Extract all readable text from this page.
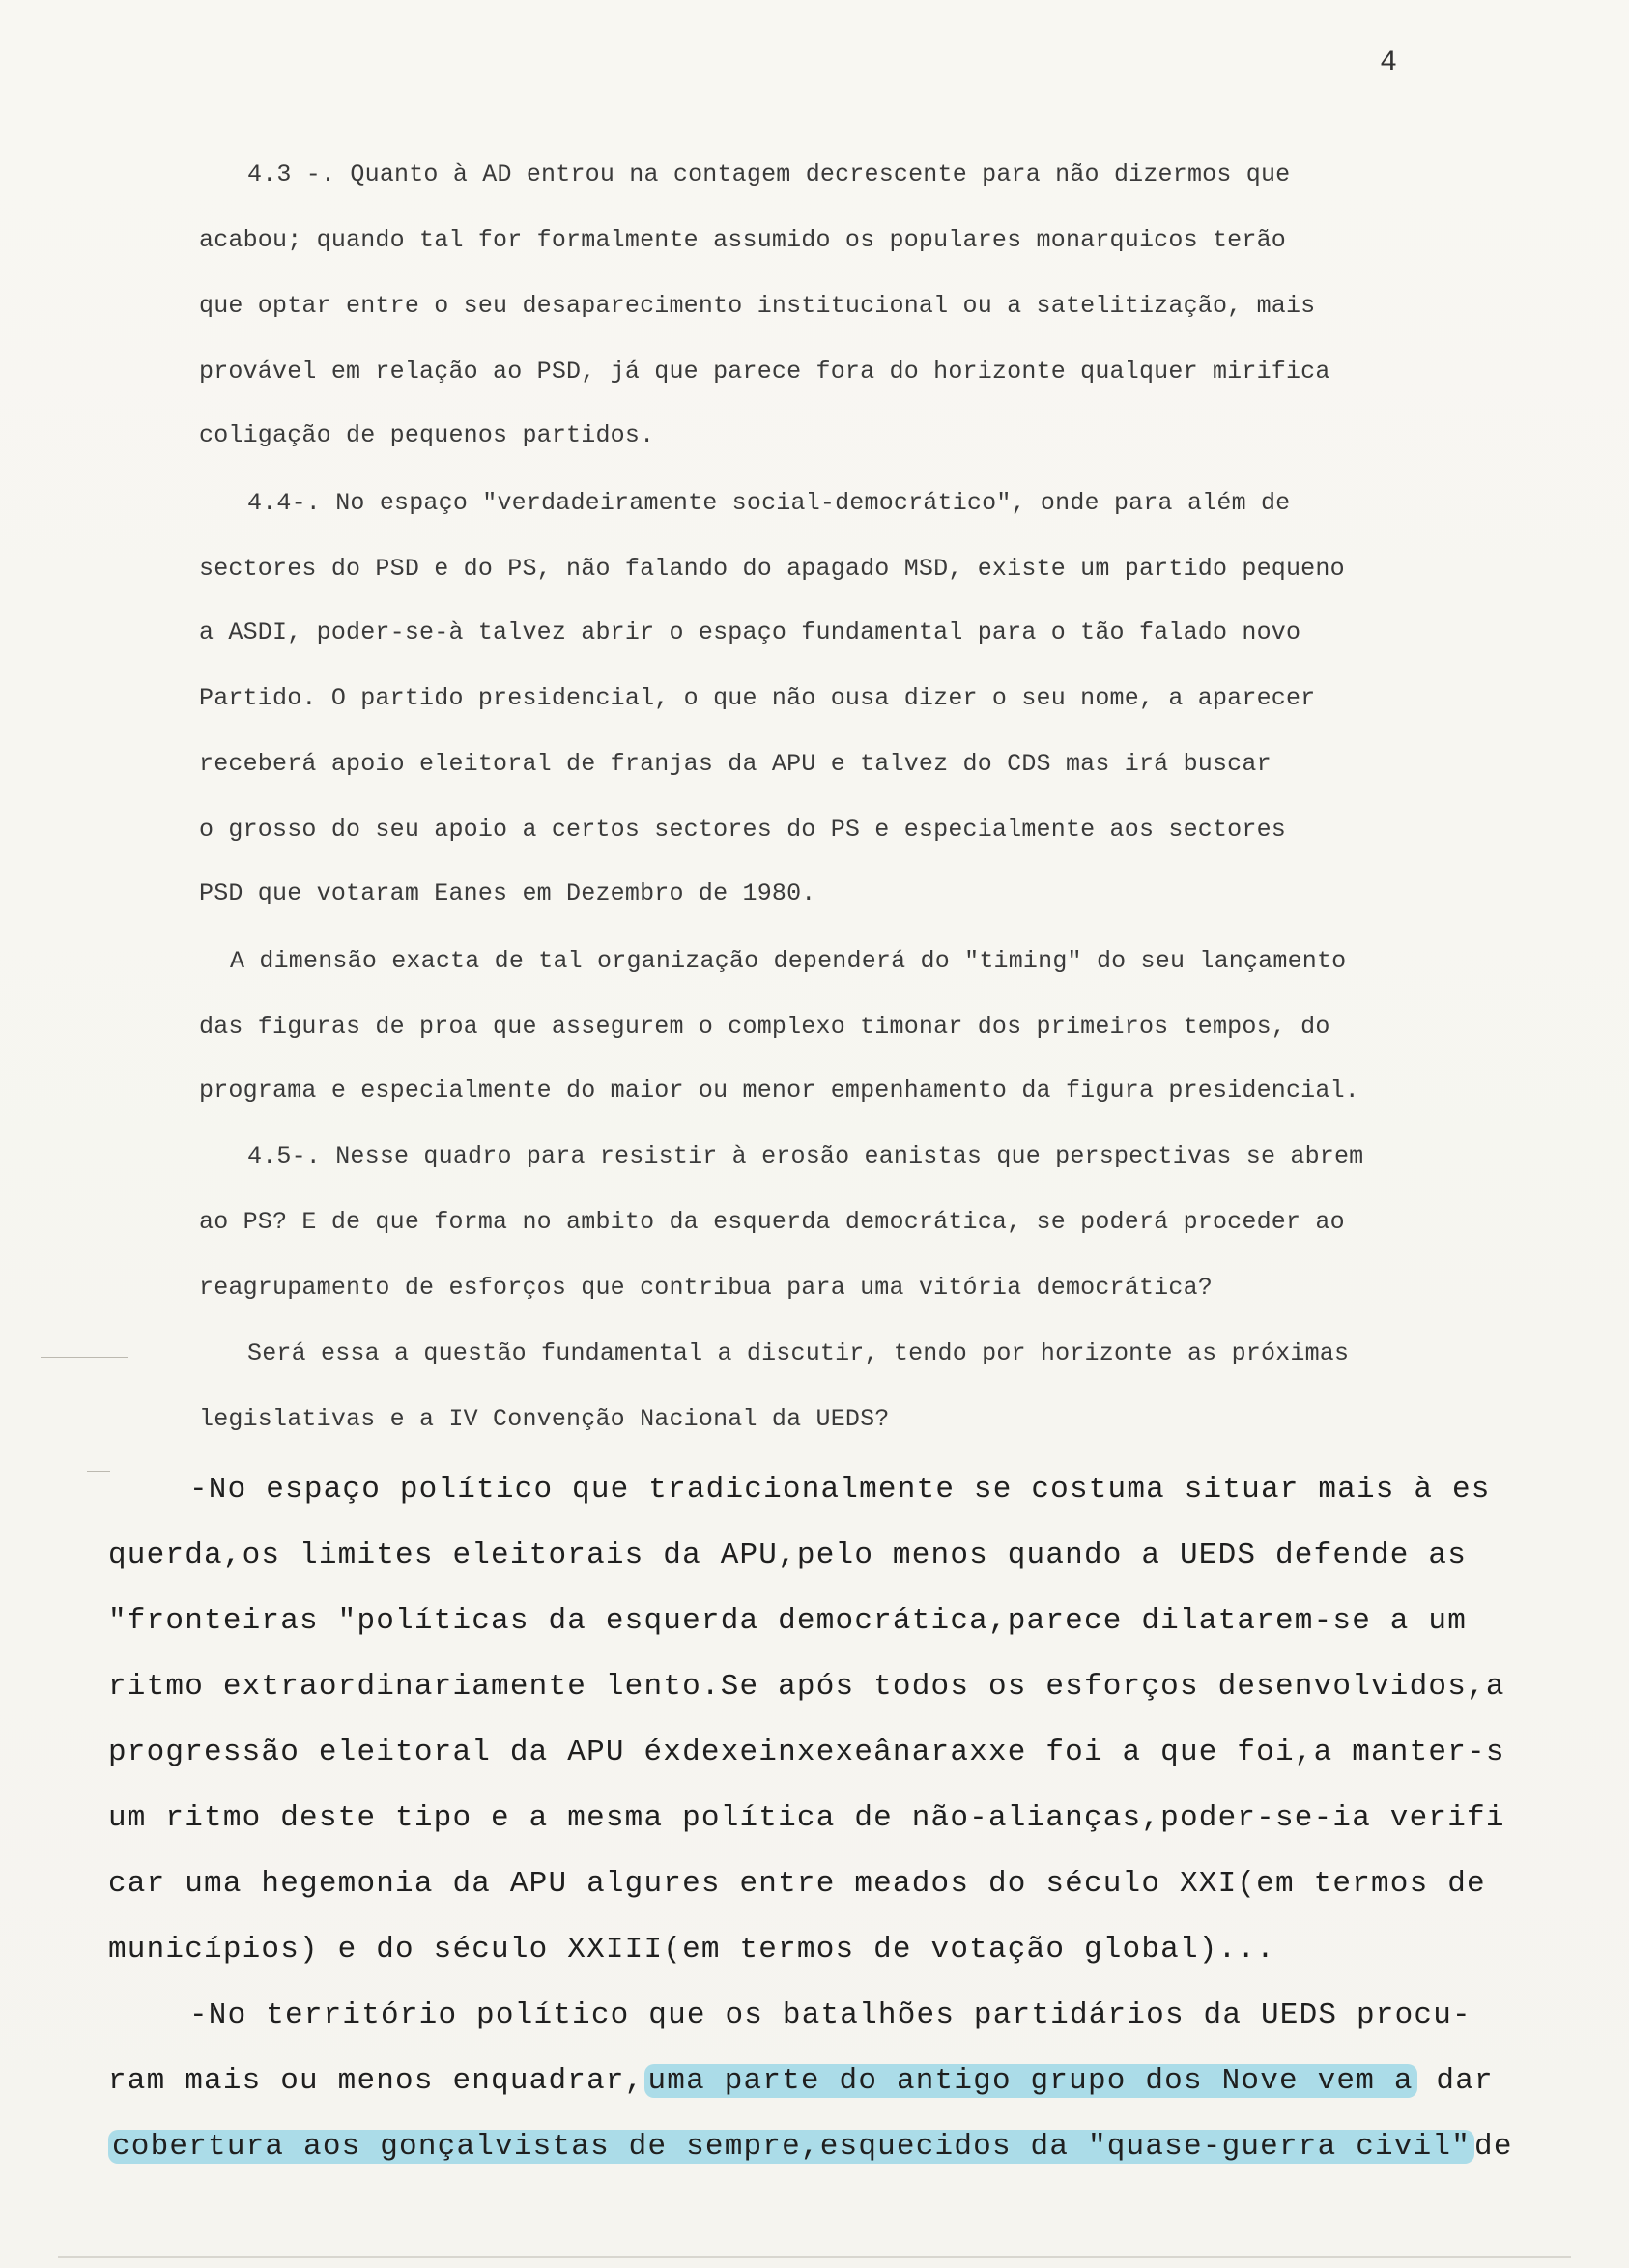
4
4.3 -. Quanto à AD entrou na contagem decrescente para não dizermos que
acabou; quando tal for formalmente assumido os populares monarquicos terão
que optar entre o seu desaparecimento institucional ou a satelitização, mais
provável em relação ao PSD, já que parece fora do horizonte qualquer mirifica
coligação de pequenos partidos.
4.4-. No espaço "verdadeiramente social-democrático", onde para além de
sectores do PSD e do PS, não falando do apagado MSD, existe um partido pequeno
a ASDI, poder-se-à talvez abrir o espaço fundamental para o tão falado novo
Partido. O partido presidencial, o que não ousa dizer o seu nome, a aparecer
receberá apoio eleitoral de franjas da APU e talvez do CDS mas irá buscar
o grosso do seu apoio a certos sectores do PS e especialmente aos sectores
PSD que votaram Eanes em Dezembro de 1980.
A dimensão exacta de tal organização dependerá do "timing" do seu lançamento
das figuras de proa que assegurem o complexo timonar dos primeiros tempos, do
programa e especialmente do maior ou menor empenhamento da figura presidencial.
4.5-. Nesse quadro para resistir à erosão eanistas que perspectivas se abrem
ao PS? E de que forma no ambito da esquerda democrática, se poderá proceder ao
reagrupamento de esforços que contribua para uma vitória democrática?
Será essa a questão fundamental a discutir, tendo por horizonte as próximas
legislativas e a IV Convenção Nacional da UEDS?
-No espaço político que tradicionalmente se costuma situar mais à es
querda,os limites eleitorais da APU,pelo menos quando a UEDS defende as
"fronteiras "políticas da esquerda democrática,parece dilatarem-se a um
ritmo extraordinariamente lento.Se após todos os esforços desenvolvidos,a
progressão eleitoral da APU éxdexeinxexeânaraxxe foi a que foi,a manter-s
um ritmo deste tipo e a mesma política de não-alianças,poder-se-ia verifi
car uma hegemonia da APU algures entre meados do século XXI(em termos de
municípios) e do século XXIII(em termos de votação global)...
-No território político que os batalhões partidários da UEDS procu-
ram mais ou menos enquadrar, uma parte do antigo grupo dos Nove vem a dar
cobertura aos gonçalvistas de sempre,esquecidos da "quase-guerra civil" de
